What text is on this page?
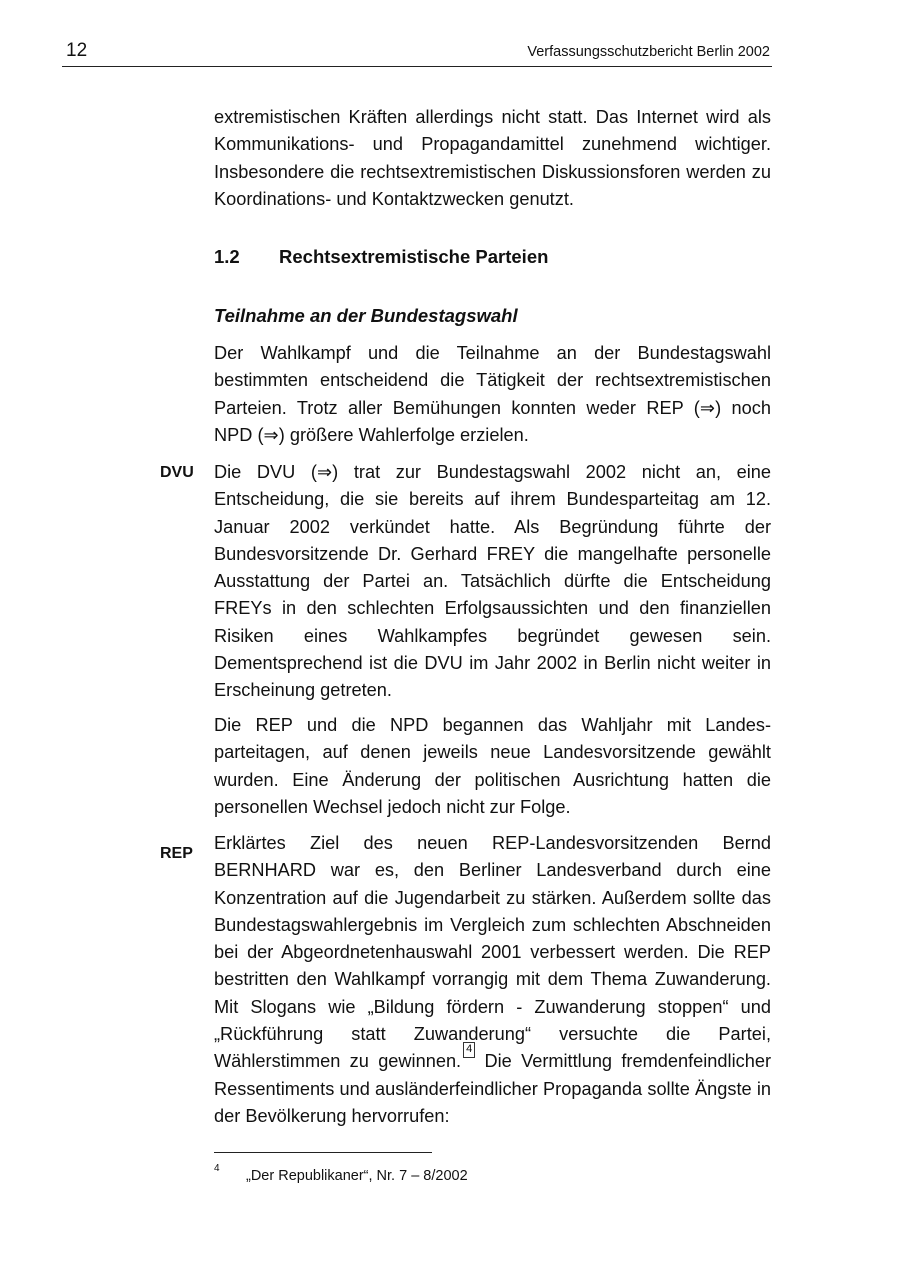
12	Verfassungsschutzbericht Berlin 2002

extremistischen Kräften allerdings nicht statt. Das Internet wird als Kommunikations- und Propagandamittel zunehmend wichtiger. Insbesondere die rechtsextremistischen Diskussionsforen werden zu Koordinations- und Kontaktzwecken genutzt.

1.2 Rechtsextremistische Parteien
Teilnahme an der Bundestagswahl

Der Wahlkampf und die Teilnahme an der Bundestagswahl bestimmten entscheidend die Tätigkeit der rechtsextremistischen Parteien. Trotz aller Bemühungen konnten weder REP (⇒) noch NPD (⇒) größere Wahlerfolge erzielen.

DVU Die DVU (⇒) trat zur Bundestagswahl 2002 nicht an, eine Entscheidung, die sie bereits auf ihrem Bundesparteitag am 12. Januar 2002 verkündet hatte. Als Begründung führte der Bundesvorsitzende Dr. Gerhard FREY die mangelhafte personelle Ausstattung der Partei an. Tatsächlich dürfte die Entscheidung FREYs in den schlechten Erfolgsaussichten und den finanziellen Risiken eines Wahlkampfes begründet gewesen sein. Dementsprechend ist die DVU im Jahr 2002 in Berlin nicht weiter in Erscheinung getreten.

Die REP und die NPD begannen das Wahljahr mit Landesparteitagen, auf denen jeweils neue Landesvorsitzende gewählt wurden. Eine Änderung der politischen Ausrichtung hatten die personellen Wechsel jedoch nicht zur Folge.

REP

Erklärtes Ziel des neuen REP-Landesvorsitzenden Bernd BERNHARD war es, den Berliner Landesverband durch eine Konzentration auf die Jugendarbeit zu stärken. Außerdem sollte das Bundestagswahlergebnis im Vergleich zum schlechten Abschneiden bei der Abgeordnetenhauswahl 2001 verbessert werden. Die REP bestritten den Wahlkampf vorrangig mit dem Thema Zuwanderung. Mit Slogans wie „Bildung fördern - Zuwanderung stoppen“ und „Rückführung statt Zuwanderung“ versuchte die Partei, Wählerstimmen zu gewinnen.4 Die Vermittlung fremdenfeindlicher Ressentiments und ausländerfeindlicher Propaganda sollte Ängste in der Bevölkerung hervorrufen:

4 „Der Republikaner“, Nr. 7 – 8/2002
